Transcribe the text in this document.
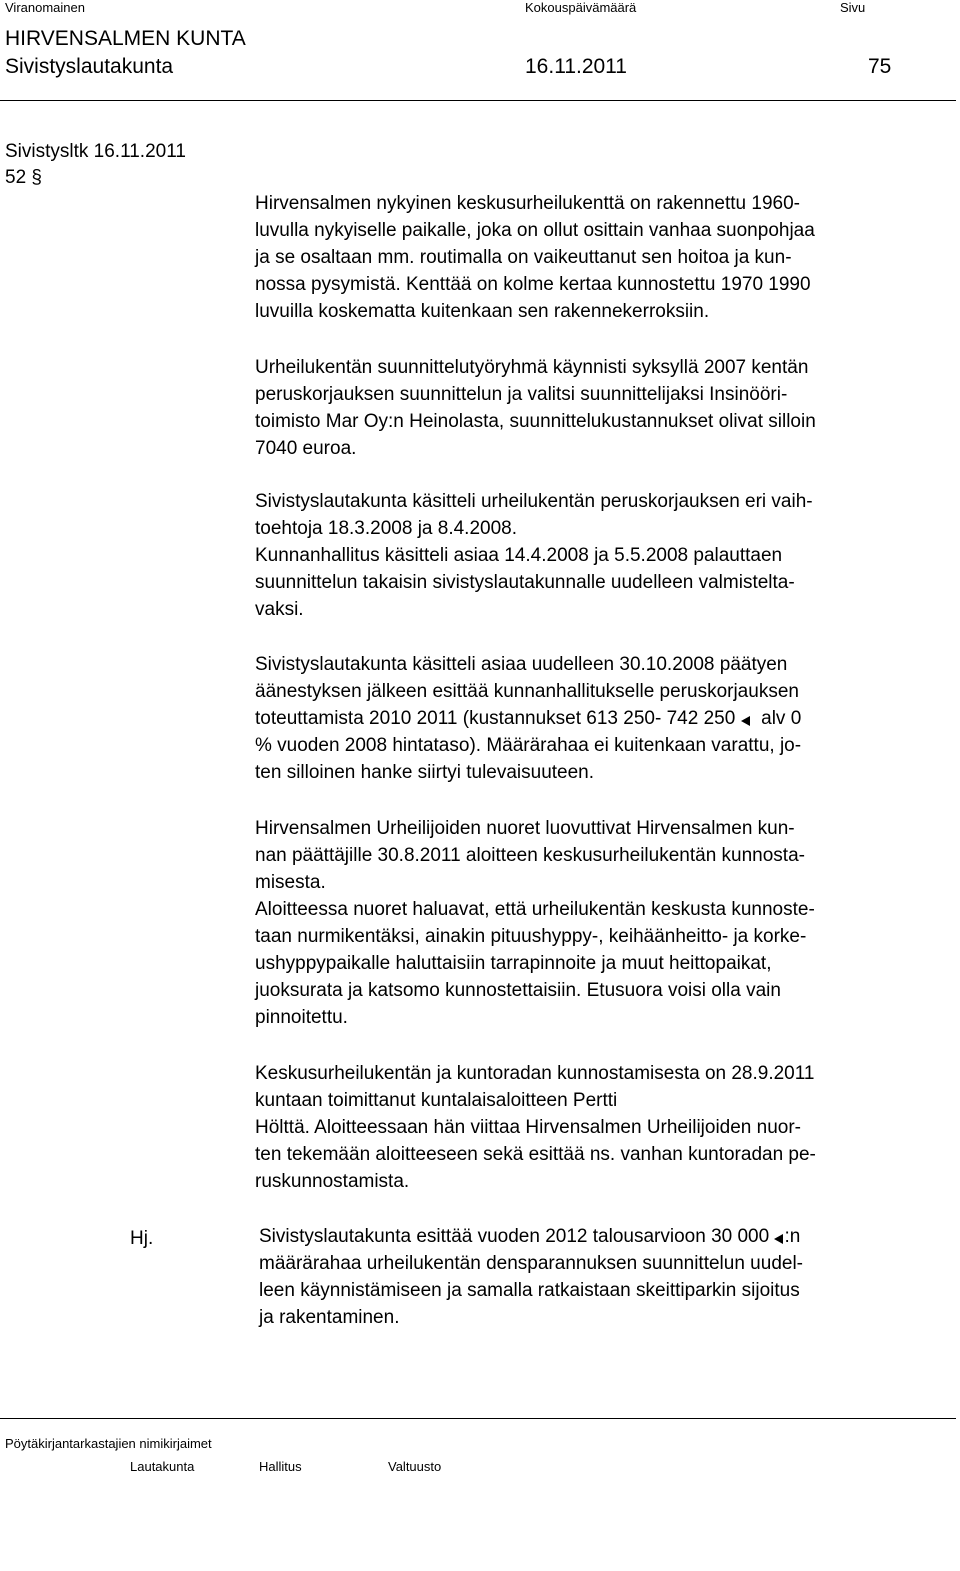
Viranomainen	Kokouspäivämäärä	Sivu
HIRVENSALMEN KUNTA
Sivistyslautakunta	16.11.2011	75
Sivistysltk 16.11.2011
52 §
Hirvensalmen nykyinen keskusurheilukenttä on rakennettu 1960-
luvulla nykyiselle paikalle, joka on ollut osittain vanhaa suonpohjaa
ja se osaltaan mm. routimalla on vaikeuttanut sen hoitoa ja kun-
nossa pysymistä. Kenttää on kolme kertaa kunnostettu 1970 1990
luvuilla koskematta kuitenkaan sen rakennekerroksiin.
Urheilukentän suunnittelutyöryhmä käynnisti syksyllä 2007 kentän
peruskorjauksen suunnittelun ja valitsi suunnittelijaksi Insinööri-
toimisto Mar Oy:n Heinolasta, suunnittelukustannukset olivat silloin
7040 euroa.
Sivistyslautakunta käsitteli urheilukentän peruskorjauksen eri vaih-
toehtoja 18.3.2008 ja 8.4.2008.
Kunnanhallitus käsitteli asiaa 14.4.2008 ja 5.5.2008 palauttaen
suunnittelun takaisin sivistyslautakunnalle uudelleen valmistelta-
vaksi.
Sivistyslautakunta käsitteli asiaa uudelleen 30.10.2008 päätyen
äänestyksen jälkeen esittää kunnanhallitukselle peruskorjauksen
toteuttamista 2010 2011 (kustannukset 613 250- 742 250 alv 0
% vuoden 2008 hintataso). Määrärahaa ei kuitenkaan varattu, jo-
ten silloinen hanke siirtyi tulevaisuuteen.
Hirvensalmen Urheilijoiden nuoret luovuttivat Hirvensalmen kun-
nan päättäjille 30.8.2011 aloitteen keskusurheilukentän kunnosta-
misesta.
Aloitteessa nuoret haluavat, että urheilukentän keskusta kunnoste-
taan nurmikentäksi, ainakin pituushyppy-, keihäänheitto- ja korke-
ushyppypaikalle haluttaisiin tarrapinnoite ja muut heittopaikat,
juoksurata ja katsomo kunnostettaisiin. Etusuora voisi olla vain
pinnoitettu.
Keskusurheilukentän ja kuntoradan kunnostamisesta on 28.9.2011
kuntaan toimittanut kuntalaisaloitteen Pertti
Hölttä. Aloitteessaan hän viittaa Hirvensalmen Urheilijoiden nuor-
ten tekemään aloitteeseen sekä esittää ns. vanhan kuntoradan pe-
ruskunnostamista.
Hj.	Sivistyslautakunta esittää vuoden 2012 talousarvioon 30 000 :n
määrärahaa urheilukentän densparannuksen suunnittelun uudel-
leen käynnistämiseen ja samalla ratkaistaan skeittiparkin sijoitus
ja rakentaminen.
Pöytäkirjantarkastajien nimikirjaimet
Lautakunta	Hallitus	Valtuusto
